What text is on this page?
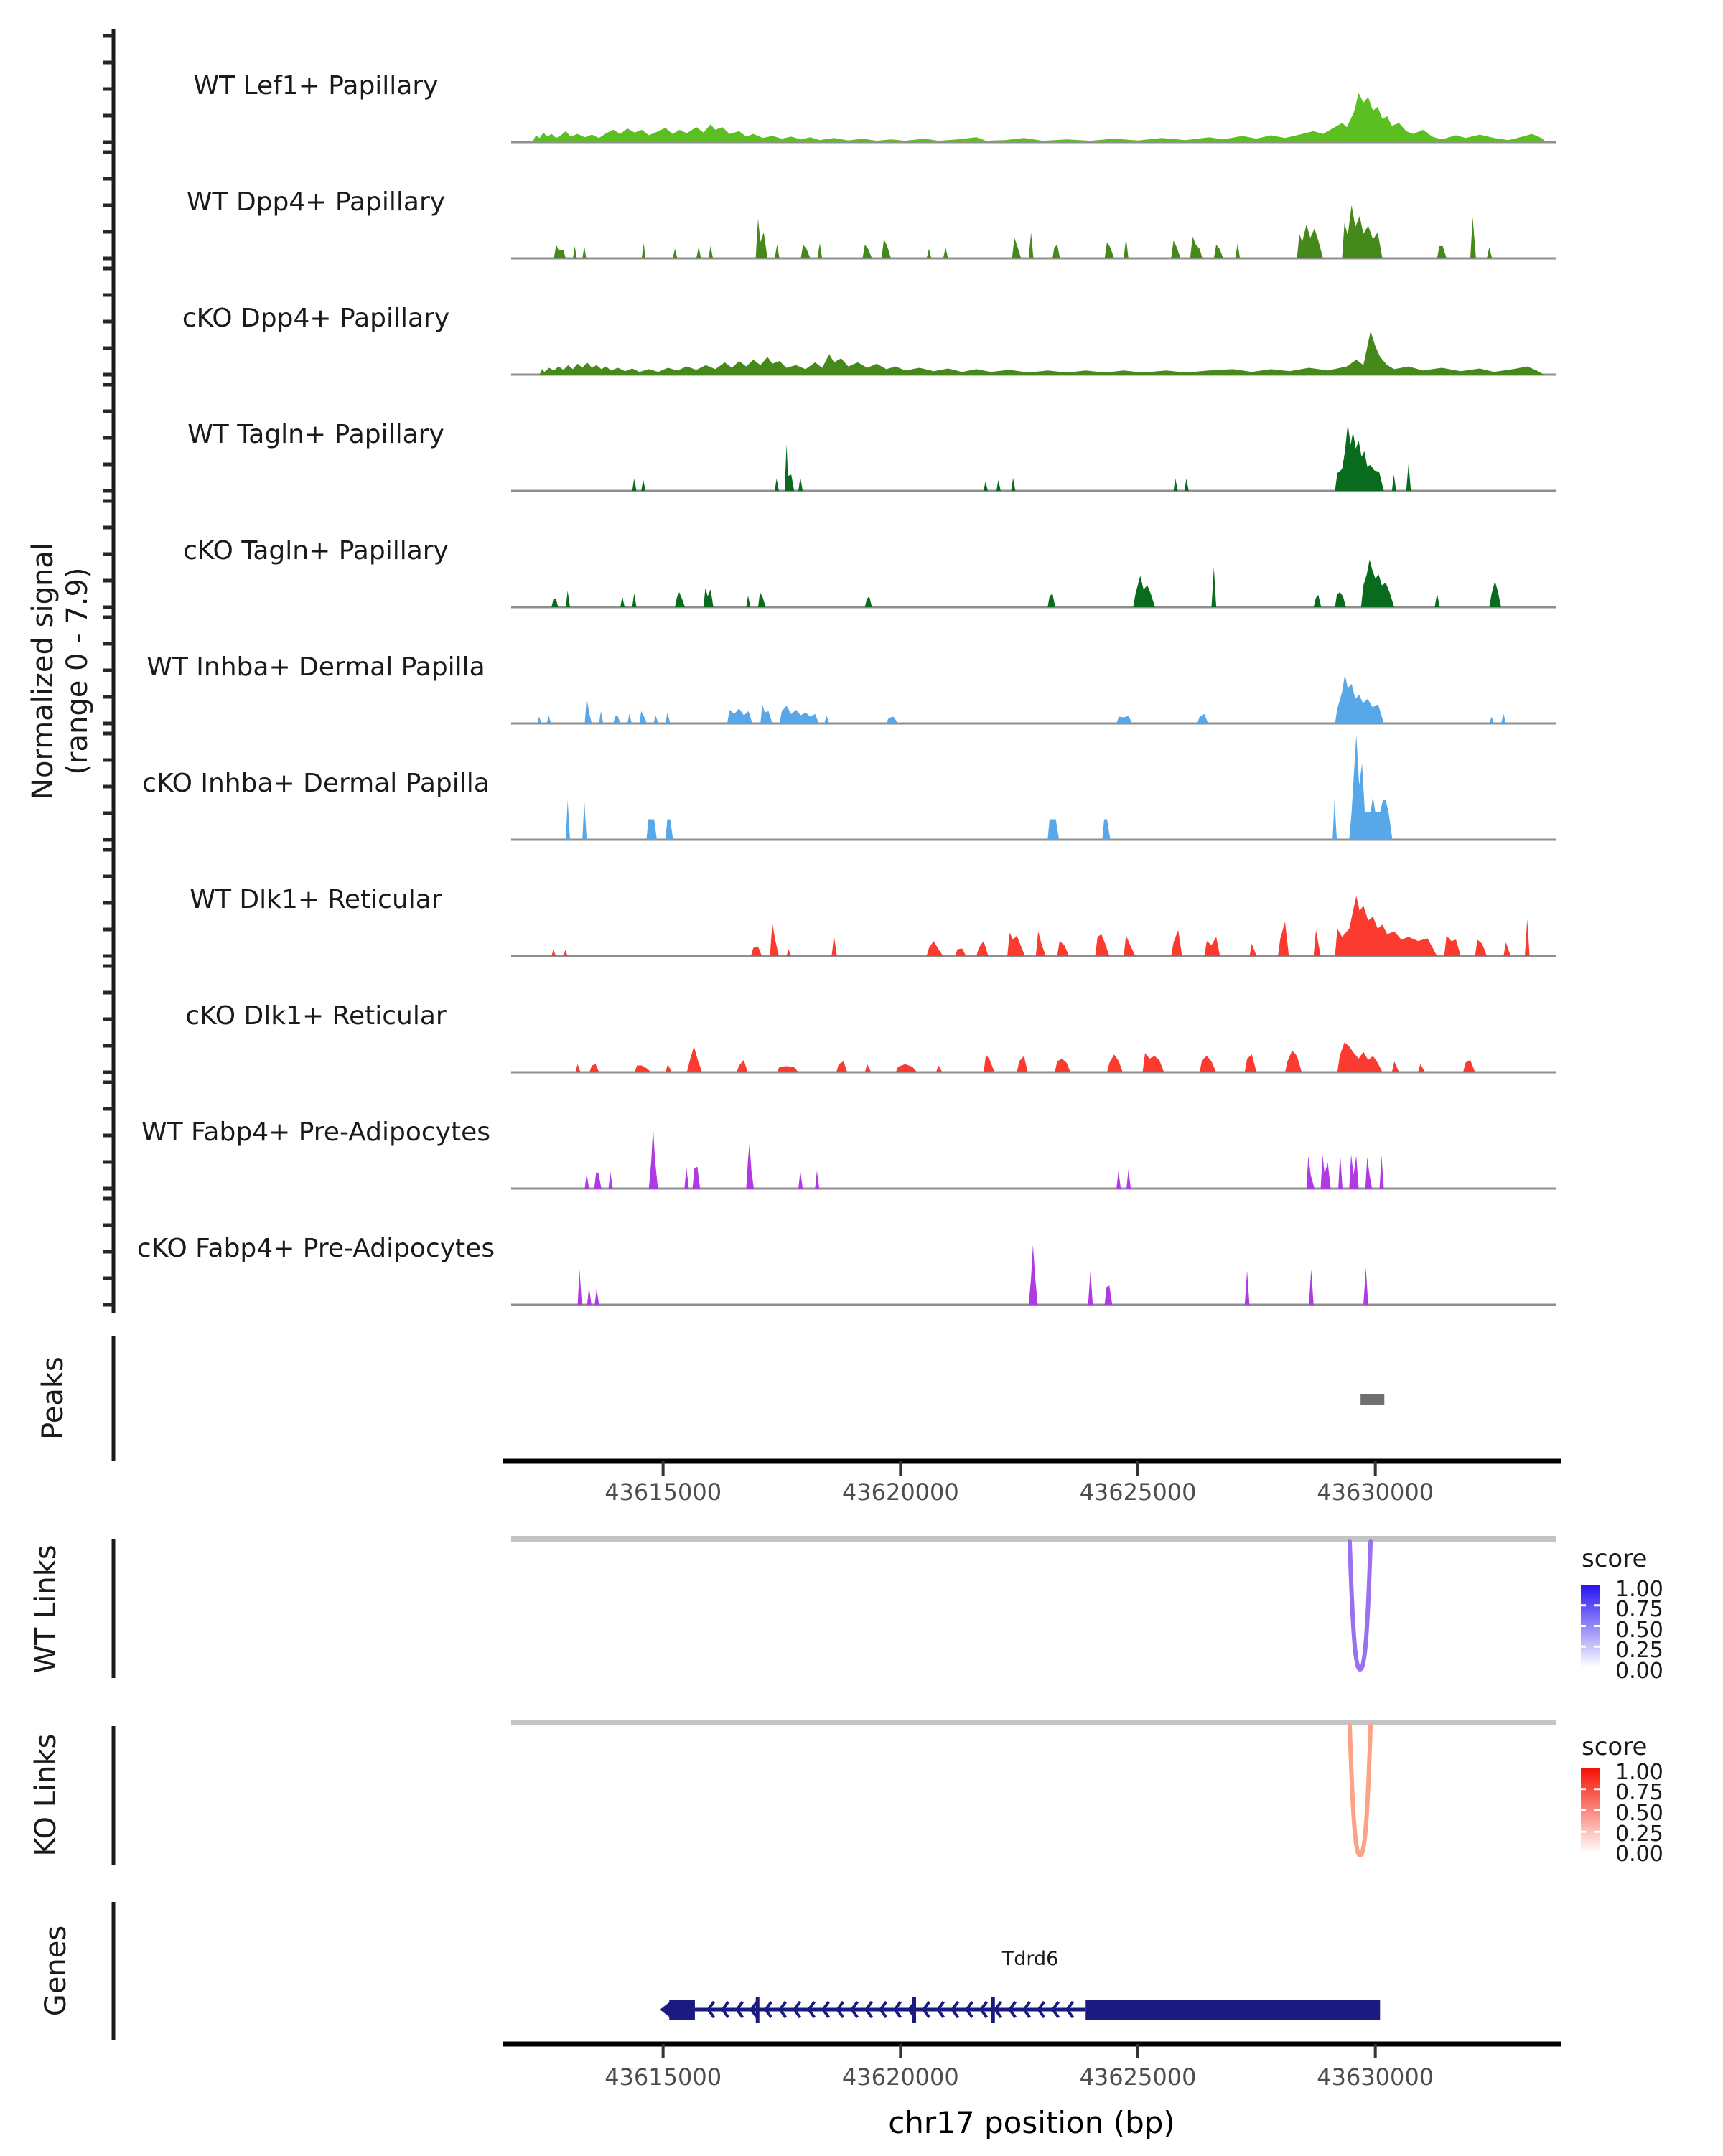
Normalized signal (range 0 - 7.9)
Peaks
WT Links
KO Links
Genes
WT Lef1+ Papillary
WT Dpp4+ Papillary
cKO Dpp4+ Papillary
WT Tagln+ Papillary
cKO Tagln+ Papillary
WT Inhba+ Dermal Papilla
cKO Inhba+ Dermal Papilla
WT Dlk1+ Reticular
cKO Dlk1+ Reticular
WT Fabp4+ Pre-Adipocytes
cKO Fabp4+ Pre-Adipocytes
43615000	43620000	43625000	43630000
score
1.00
0.75
0.50
0.25
0.00
score
1.00
0.75
0.50
0.25
0.00
43615000	43620000	43625000	43630000
Tdrd6
chr17 position (bp)
